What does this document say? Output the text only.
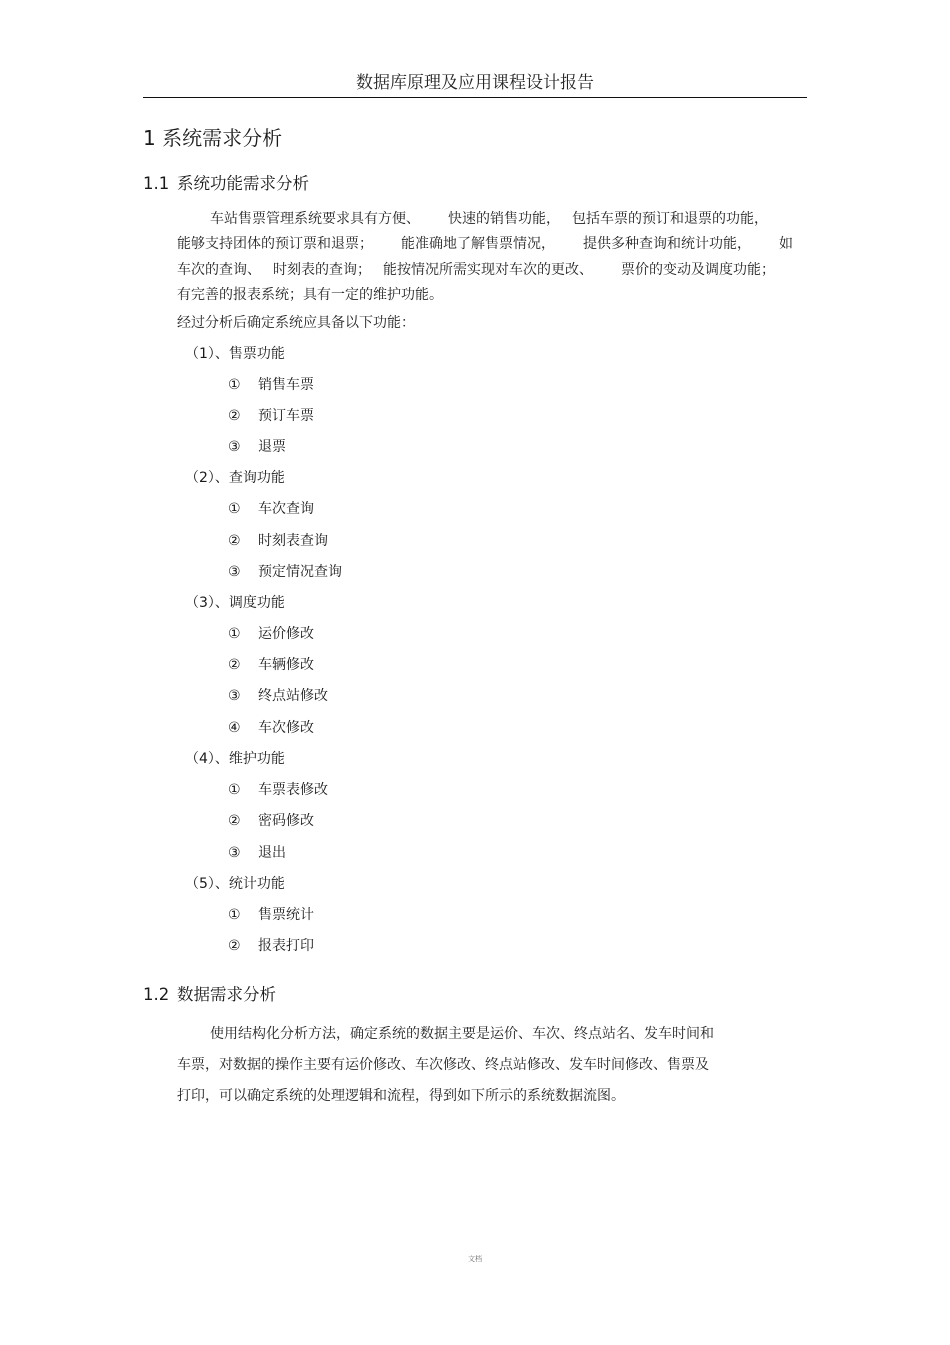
数据库原理及应用课程设计报告
1 系统需求分析
1.1 系统功能需求分析
车站售票管理系统要求具有方便、 快速的销售功能， 包括车票的预订和退票的功能，
能够支持团体的预订票和退票； 能准确地了解售票情况， 提供多种查询和统计功能， 如
车次的查询、 时刻表的查询； 能按情况所需实现对车次的更改、 票价的变动及调度功能；
有完善的报表系统；具有一定的维护功能。
经过分析后确定系统应具备以下功能：
（1）、售票功能
① 销售车票
② 预订车票
③ 退票
（2）、查询功能
① 车次查询
② 时刻表查询
③ 预定情况查询
（3）、调度功能
① 运价修改
② 车辆修改
③ 终点站修改
④ 车次修改
（4）、维护功能
① 车票表修改
② 密码修改
③ 退出
（5）、统计功能
① 售票统计
② 报表打印
1.2 数据需求分析
使用结构化分析方法，确定系统的数据主要是运价、车次、终点站名、发车时间和
车票，对数据的操作主要有运价修改、车次修改、终点站修改、发车时间修改、售票及
打印，可以确定系统的处理逻辑和流程，得到如下所示的系统数据流图。
文档
